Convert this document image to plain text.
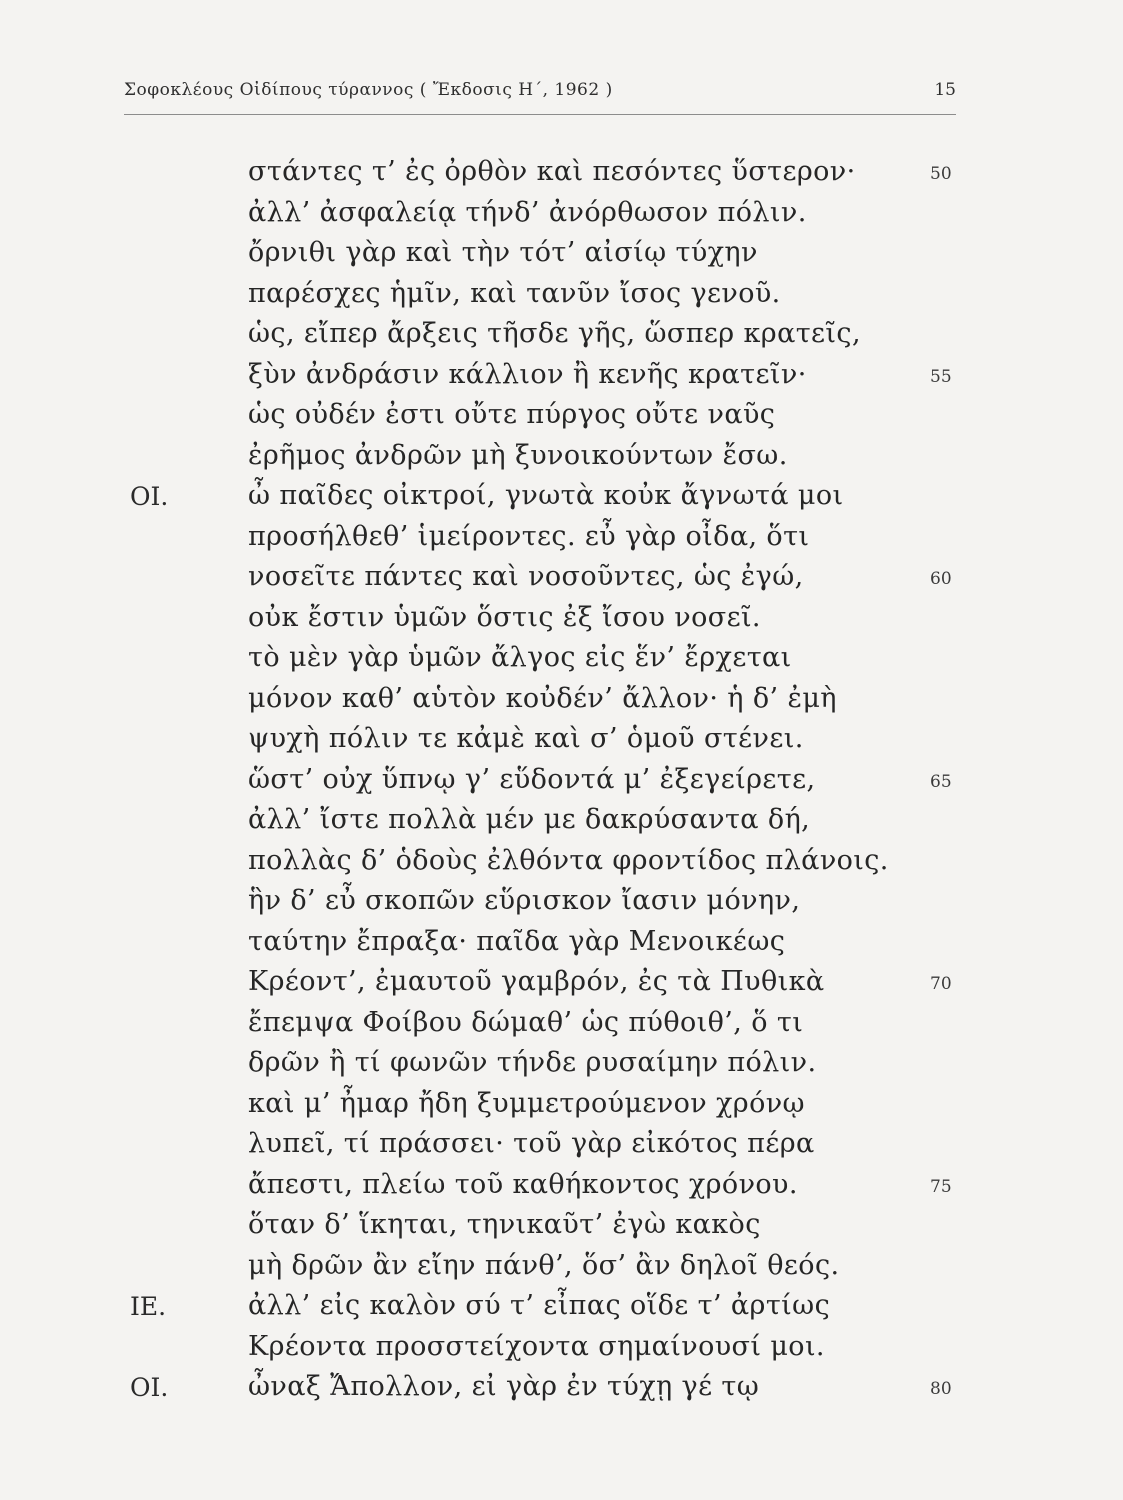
Σοφοκλέους Οἰδίπους τύραννος ( Ἔκδοσις Η΄, 1962 )	15
στάντες τ’ ἐς ὀρθὸν καὶ πεσόντες ὕστερον·	50
ἀλλ’ ἀσφαλείᾳ τήνδ’ ἀνόρθωσον πόλιν.
ὄρνιθι γὰρ καὶ τὴν τότ’ αἰσίῳ τύχην
παρέσχες ἡμῖν, καὶ τανῦν ἴσος γενοῦ.
ὡς, εἴπερ ἄρξεις τῆσδε γῆς, ὥσπερ κρατεῖς,
ξὺν ἀνδράσιν κάλλιον ἢ κενῆς κρατεῖν·	55
ὡς οὐδέν ἐστι οὔτε πύργος οὔτε ναῦς
ἐρῆμος ἀνδρῶν μὴ ξυνοικούντων ἔσω.
ΟΙ.	ὦ παῖδες οἰκτροί, γνωτὰ κοὐκ ἄγνωτά μοι
προσήλθεθ’ ἱμείροντες. εὖ γὰρ οἶδα, ὅτι
νοσεῖτε πάντες καὶ νοσοῦντες, ὡς ἐγώ,	60
οὐκ ἔστιν ὑμῶν ὅστις ἐξ ἴσου νοσεῖ.
τὸ μὲν γὰρ ὑμῶν ἄλγος εἰς ἕν’ ἔρχεται
μόνον καθ’ αὑτὸν κοὐδέν’ ἄλλον· ἡ δ’ ἐμὴ
ψυχὴ πόλιν τε κἀμὲ καὶ σ’ ὁμοῦ στένει.
ὥστ’ οὐχ ὕπνῳ γ’ εὕδοντά μ’ ἐξεγείρετε,	65
ἀλλ’ ἴστε πολλὰ μέν με δακρύσαντα δή,
πολλὰς δ’ ὁδοὺς ἐλθόντα φροντίδος πλάνοις.
ἣν δ’ εὖ σκοπῶν εὕρισκον ἴασιν μόνην,
ταύτην ἔπραξα· παῖδα γὰρ Μενοικέως
Κρέοντ’, ἐμαυτοῦ γαμβρόν, ἐς τὰ Πυθικὰ	70
ἔπεμψα Φοίβου δώμαθ’ ὡς πύθοιθ’, ὅ τι
δρῶν ἢ τί φωνῶν τήνδε ρυσαίμην πόλιν.
καὶ μ’ ἦμαρ ἤδη ξυμμετρούμενον χρόνῳ
λυπεῖ, τί πράσσει· τοῦ γὰρ εἰκότος πέρα
ἄπεστι, πλείω τοῦ καθήκοντος χρόνου.	75
ὅταν δ’ ἵκηται, τηνικαῦτ’ ἐγὼ κακὸς
μὴ δρῶν ἂν εἴην πάνθ’, ὅσ’ ἂν δηλοῖ θεός.
ΙΕ.	ἀλλ’ εἰς καλὸν σύ τ’ εἶπας οἵδε τ’ ἀρτίως
Κρέοντα προσστείχοντα σημαίνουσί μοι.
ΟΙ.	ὦναξ Ἄπολλον, εἰ γὰρ ἐν τύχῃ γέ τῳ	80
